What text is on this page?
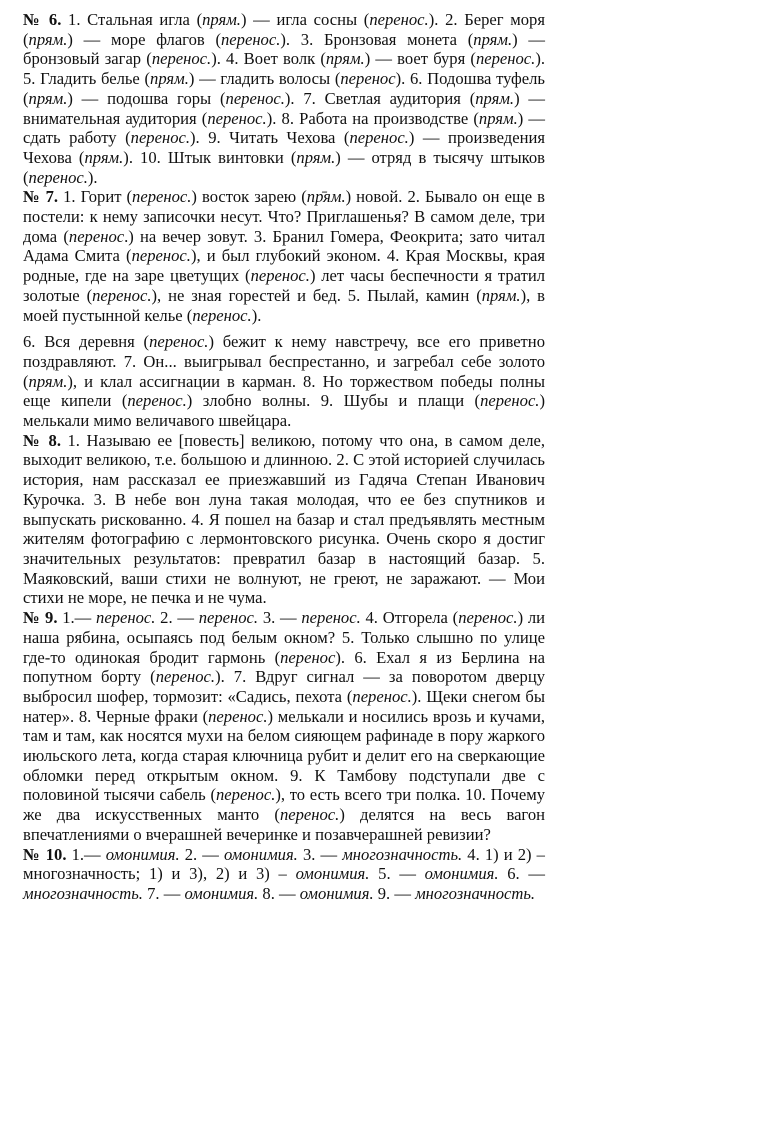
№ 6. 1. Стальная игла (прям.) — игла сосны (перенос.). 2. Берег моря (прям.) — море флагов (перенос.). 3. Бронзовая монета (прям.) — бронзовый загар (перенос.). 4. Воет волк (прям.) — воет буря (перенос.). 5. Гладить белье (прям.) — гладить волосы (перенос). 6. Подошва туфель (прям.) — подошва горы (перенос.). 7. Светлая аудитория (прям.) — внимательная аудитория (перенос.). 8. Работа на производстве (прям.) — сдать работу (перенос.). 9. Читать Чехова (перенос.) — произведения Чехова (прям.). 10. Штык винтовки (прям.) — отряд в тысячу штыков (перенос.).

№ 7. 1. Горит (перенос.) восток зарею (пр̄ям.) новой. 2. Бывало он еще в постели: к нему записочки несут. Что? Приглашенья? В самом деле, три дома (перенос.) на вечер зовут. 3. Бранил Гомера, Феокрита; зато читал Адама Смита (перенос.), и был глубокий эконом. 4. Края Москвы, края родные, где на заре цветущих (перенос.) лет часы беспечности я тратил золотые (перенос.), не зная горестей и бед. 5. Пылай, камин (прям.), в моей пустынной келье (перенос.).

6. Вся деревня (перенос.) бежит к нему навстречу, все его приветно поздравляют. 7. Он... выигрывал беспрестанно, и загребал себе золото (прям.), и клал ассигнации в карман. 8. Но торжеством победы полны еще кипели (перенос.) злобно волны. 9. Шубы и плащи (перенос.) мелькали мимо величавого швейцара.

№ 8. 1. Называю ее [повесть] великою, потому что она, в самом деле, выходит великою, т.е. большою и длинною. 2. С этой историей случилась история, нам рассказал ее приезжавший из Гадяча Степан Иванович Курочка. 3. В небе вон луна такая молодая, что ее без спутников и выпускать рискованно. 4. Я пошел на базар и стал предъявлять местным жителям фотографию с лермонтовского рисунка. Очень скоро я достиг значительных результатов: превратил базар в настоящий базар. 5. Маяковский, ваши стихи не волнуют, не греют, не заражают. — Мои стихи не море, не печка и не чума.

№ 9. 1.— перенос. 2. — перенос. 3. — перенос. 4. Отгорела (перенос.) ли наша рябина, осыпаясь под белым окном? 5. Только слышно по улице где-то одинокая бродит гармонь (перенос). 6. Ехал я из Берлина на попутном борту (перенос.). 7. Вдруг сигнал — за поворотом дверцу выбросил шофер, тормозит: «Садись, пехота (перенос.). Щеки снегом бы натер». 8. Черные фраки (перенос.) мелькали и носились врозь и кучами, там и там, как носятся мухи на белом сияющем рафинаде в пору жаркого июльского лета, когда старая ключница рубит и делит его на сверкающие обломки перед открытым окном. 9. К Тамбову подступали две с половиной тысячи сабель (перенос.), то есть всего три полка. 10. Почему же два искусственных манто (перенос.) делятся на весь вагон впечатлениями о вчерашней вечеринке и позавчерашней ревизии?

№ 10. 1.— омонимия. 2. — омонимия. 3. — многозначность. 4. 1) и 2) – многозначность; 1) и 3), 2) и 3) – омонимия. 5. — омонимия. 6. — многозначность. 7. — омонимия. 8. — омонимия. 9. — многозначность.
